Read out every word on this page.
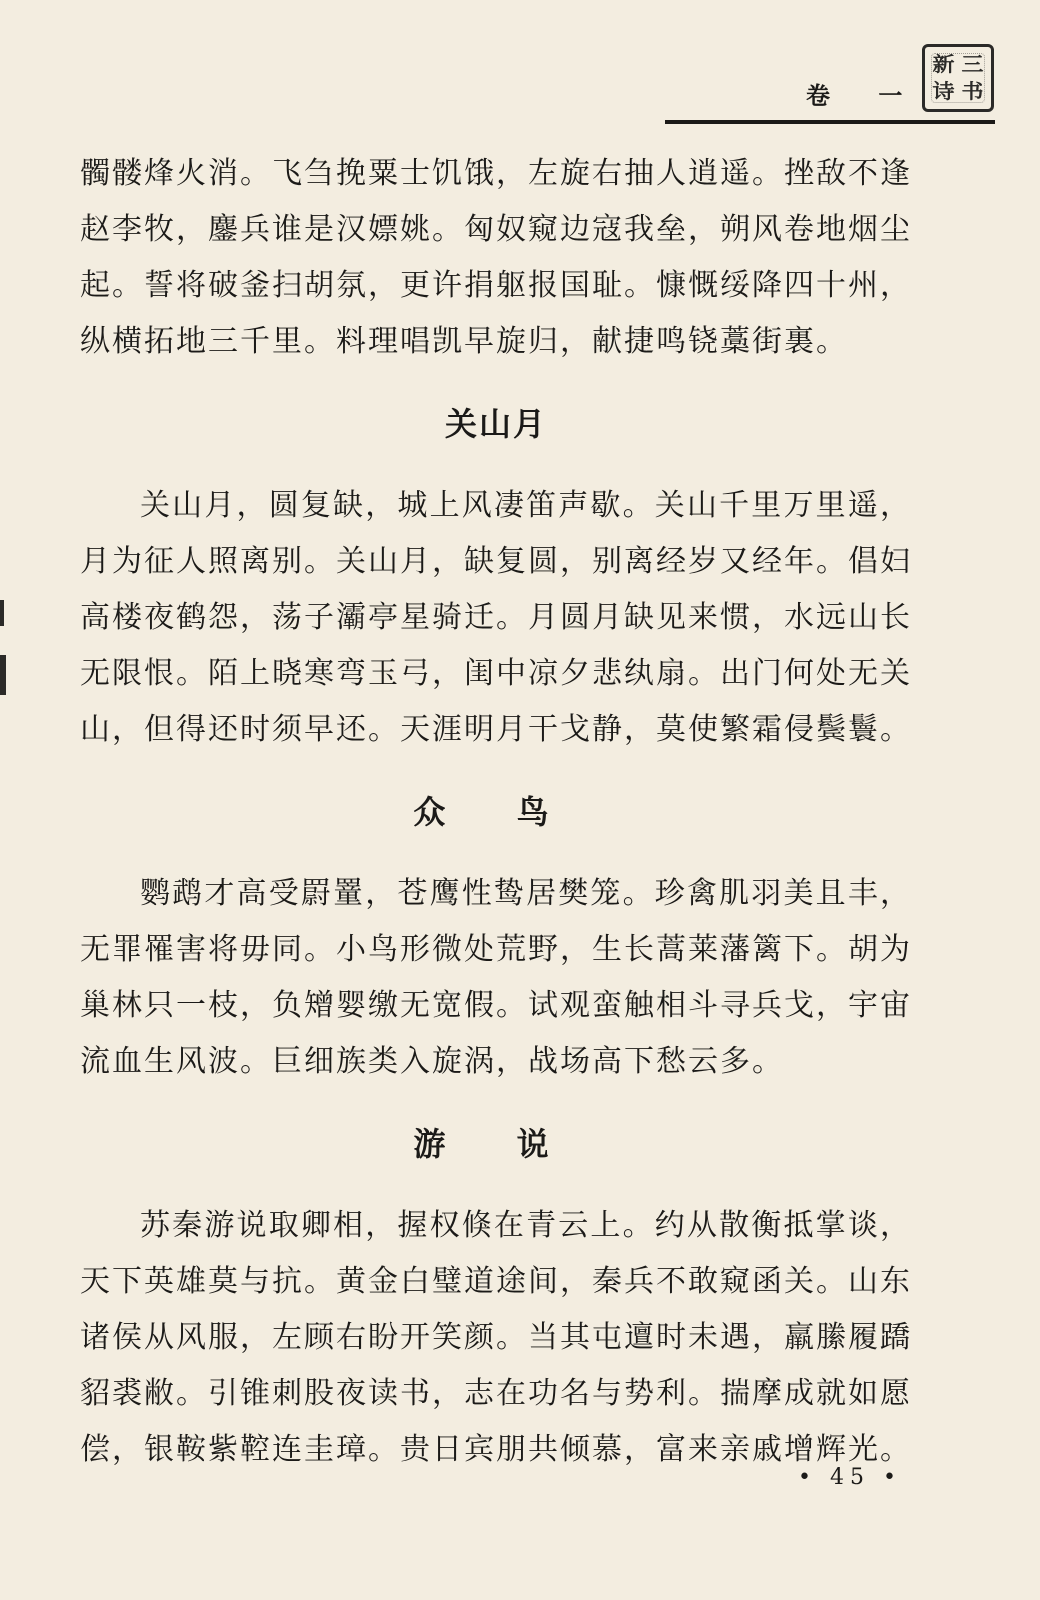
卷 一
新 三
诗 书

髑髅烽火消。飞刍挽粟士饥饿，左旋右抽人逍遥。挫敌不逢赵李牧，鏖兵谁是汉嫖姚。匈奴窥边寇我垒，朔风卷地烟尘起。誓将破釜扫胡氛，更许捐躯报国耻。慷慨绥降四十州，纵横拓地三千里。料理唱凯早旋归，献捷鸣铙藁街裏。

关山月

关山月，圆复缺，城上风凄笛声歇。关山千里万里遥，月为征人照离别。关山月，缺复圆，别离经岁又经年。倡妇高楼夜鹤怨，荡子灞亭星骑迁。月圆月缺见来惯，水远山长无限恨。陌上晓寒弯玉弓，闺中凉夕悲纨扇。出门何处无关山，但得还时须早还。天涯明月干戈静，莫使繁霜侵鬓鬟。

众 鸟

鹦鹉才高受罻罿，苍鹰性鸷居樊笼。珍禽肌羽美且丰，无罪罹害将毋同。小鸟形微处荒野，生长蒿莱藩篱下。胡为巢林只一枝，负矰婴缴无宽假。试观蛮触相斗寻兵戈，宇宙流血生风波。巨细族类入旋涡，战场高下愁云多。

游 说

苏秦游说取卿相，握权倏在青云上。约从散衡抵掌谈，天下英雄莫与抗。黄金白璧道途间，秦兵不敢窥函关。山东诸侯从风服，左顾右盼开笑颜。当其屯邅时未遇，羸縢履蹻貂裘敝。引锥刺股夜读书，志在功名与势利。揣摩成就如愿偿，银鞍紫鞚连圭璋。贵日宾朋共倾慕，富来亲戚增辉光。

• 45 •
